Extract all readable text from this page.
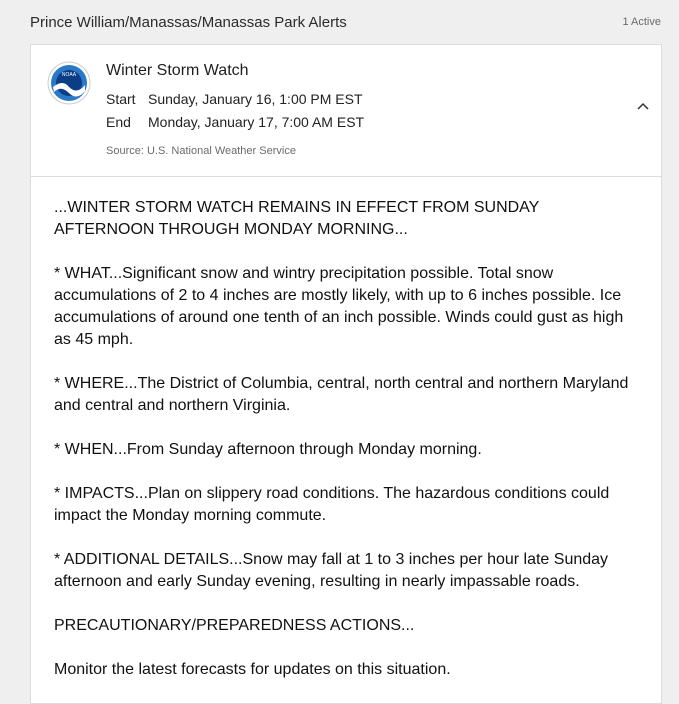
Prince William/Manassas/Manassas Park Alerts	1 Active
NOAA Winter Storm Watch
Start Sunday, January 16, 1:00 PM EST
End	Monday, January 17, 7:00 AM EST
Source: U.S. National Weather Service

...WINTER STORM WATCH REMAINS IN EFFECT FROM SUNDAY AFTERNOON THROUGH MONDAY MORNING...

* WHAT...Significant snow and wintry precipitation possible. Total snow accumulations of 2 to 4 inches are mostly likely, with up to 6 inches possible. Ice accumulations of around one tenth of an inch possible. Winds could gust as high as 45 mph.

* WHERE...The District of Columbia, central, north central and northern Maryland and central and northern Virginia.

* WHEN...From Sunday afternoon through Monday morning.

* IMPACTS...Plan on slippery road conditions. The hazardous conditions could impact the Monday morning commute.

* ADDITIONAL DETAILS...Snow may fall at 1 to 3 inches per hour late Sunday afternoon and early Sunday evening, resulting in nearly impassable roads.

PRECAUTIONARY/PREPAREDNESS ACTIONS...

Monitor the latest forecasts for updates on this situation.
